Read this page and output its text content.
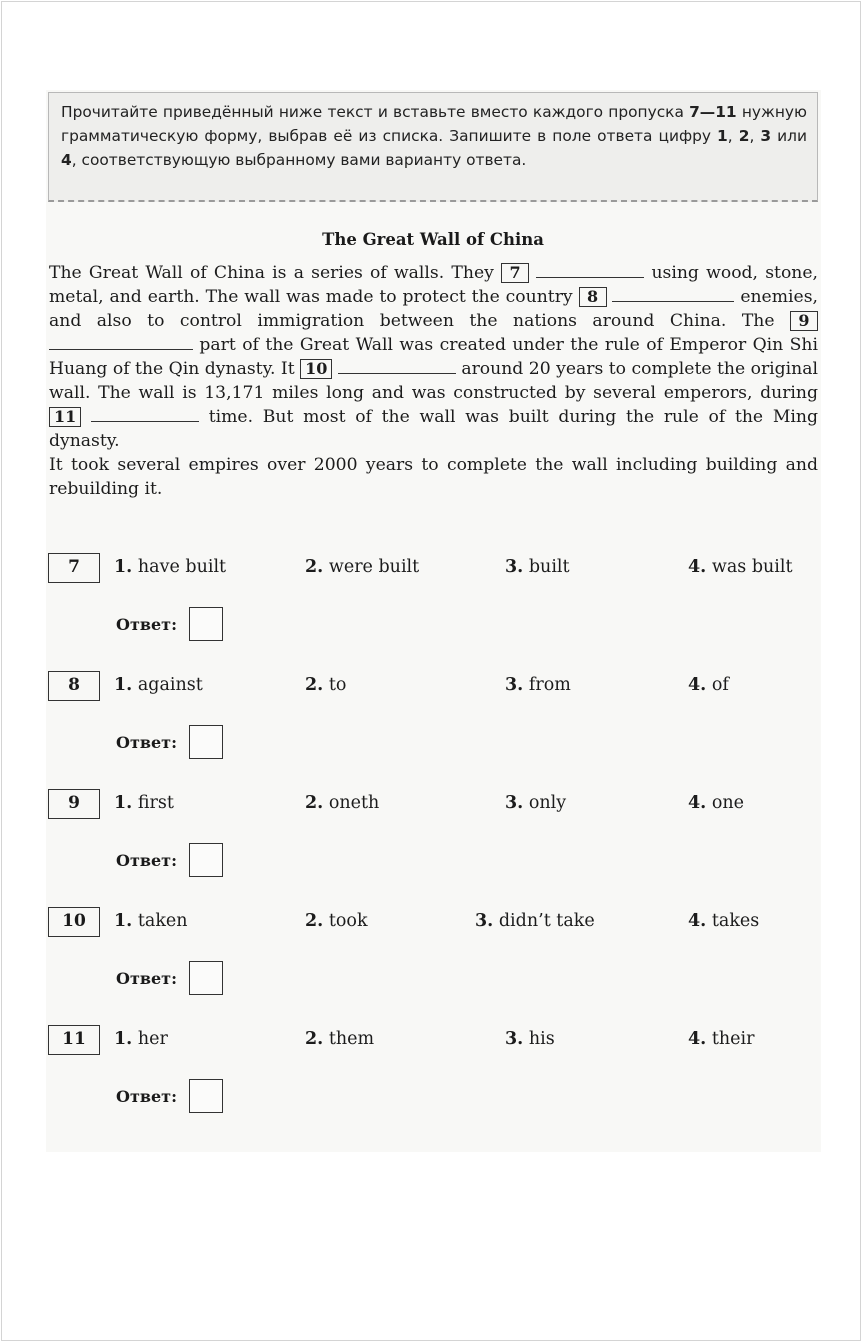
Прочитайте приведённый ниже текст и вставьте вместо каждого пропуска 7—11 нужную грамматическую форму, выбрав её из списка. Запишите в поле ответа цифру 1, 2, 3 или 4, соответствующую выбранному вами варианту ответа.
The Great Wall of China

The Great Wall of China is a series of walls. They 7	using wood, stone, metal, and earth. The wall was made to protect the country 8	enemies, and also to control immigration between the nations around China. The 9  part of the Great Wall was created under the rule of Emperor Qin Shi Huang of the Qin dynasty. It 10	around 20 years to complete the original wall. The wall is 13,171 miles long and was constructed by several emperors, during 11	time. But most of the wall was built during the rule of the Ming dynasty.

It took several empires over 2000 years to complete the wall including building and rebuilding it.

7	1. have built	2. were built	3. built	4. was built
Ответ:
8	1. against	2. to	3. from	4. of
Ответ:
9	1. first	2. oneth	3. only	4. one
Ответ:
10	1. taken	2. took	3. didn’t take	4. takes
Ответ:
11	1. her	2. them	3. his	4. their
Ответ:
